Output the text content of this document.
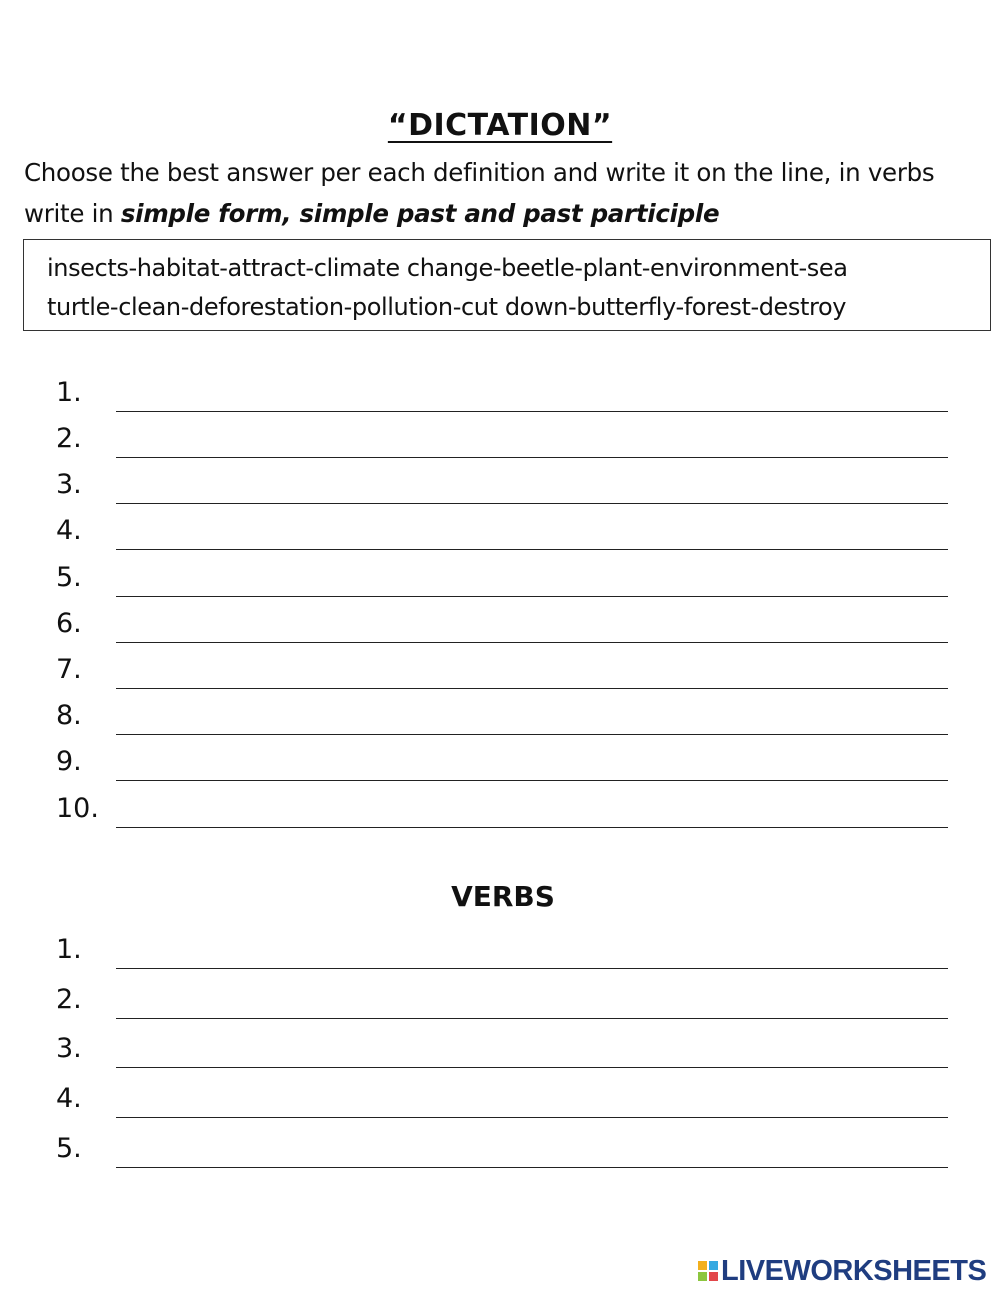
“DICTATION”
Choose the best answer per each definition and write it on the line, in verbs write in simple form, simple past and past participle
insects-habitat-attract-climate change-beetle-plant-environment-sea
turtle-clean-deforestation-pollution-cut down-butterfly-forest-destroy
1.
2.
3.
4.
5.
6.
7.
8.
9.
10.
VERBS
1.
2.
3.
4.
5.
LIVEWORKSHEETS
